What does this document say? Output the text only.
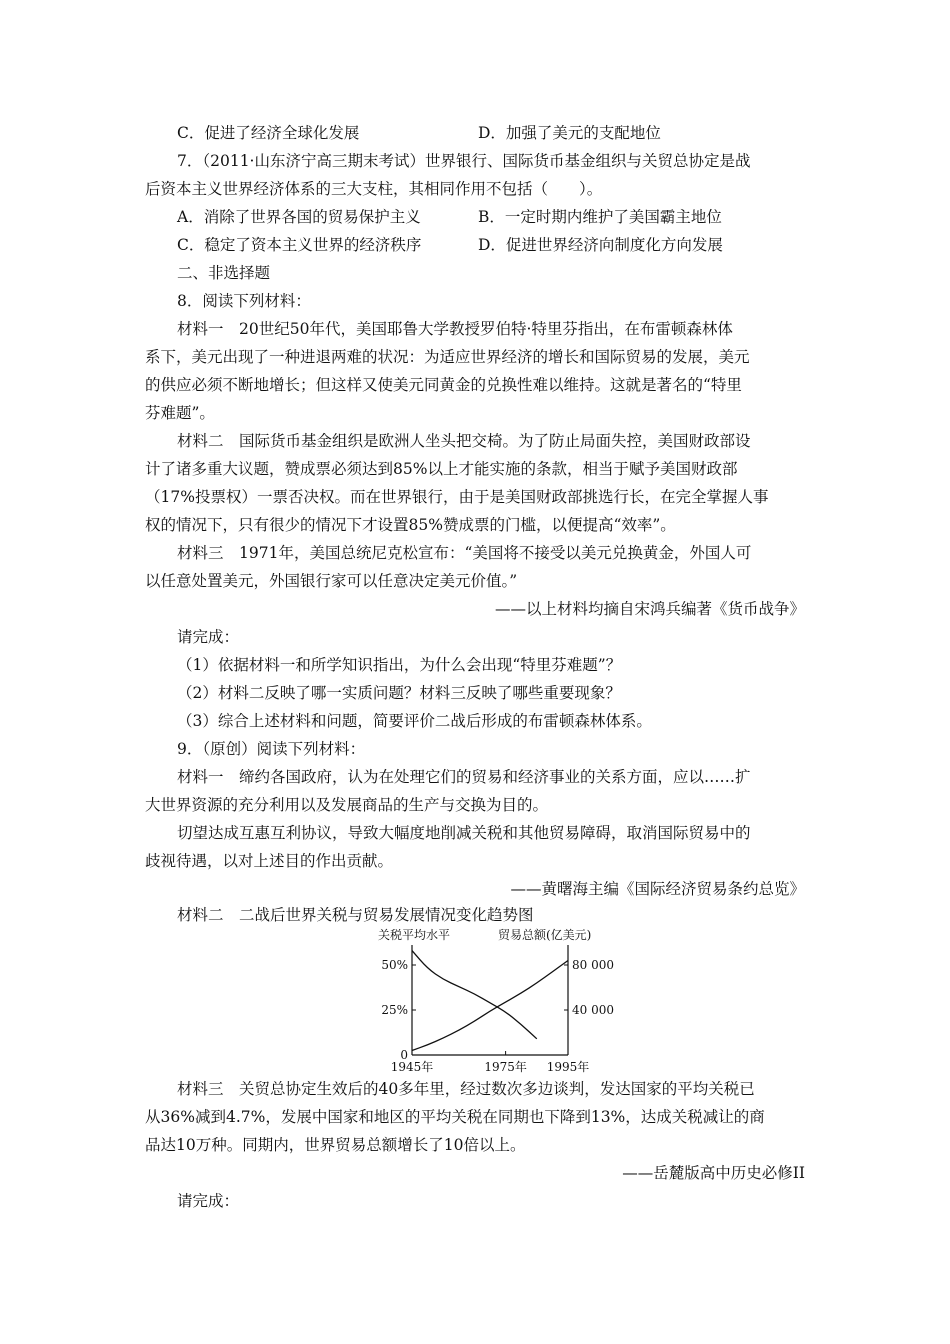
C．促进了经济全球化发展	D．加强了美元的支配地位
7．（2011·山东济宁高三期末考试）世界银行、国际货币基金组织与关贸总协定是战
后资本主义世界经济体系的三大支柱，其相同作用不包括（　　）。
A．消除了世界各国的贸易保护主义	B．一定时期内维护了美国霸主地位
C．稳定了资本主义世界的经济秩序	D．促进世界经济向制度化方向发展
二、非选择题
8．阅读下列材料：
材料一　20世纪50年代，美国耶鲁大学教授罗伯特·特里芬指出，在布雷顿森林体
系下，美元出现了一种进退两难的状况：为适应世界经济的增长和国际贸易的发展，美元
的供应必须不断地增长；但这样又使美元同黄金的兑换性难以维持。这就是著名的“特里
芬难题”。
材料二　国际货币基金组织是欧洲人坐头把交椅。为了防止局面失控，美国财政部设
计了诸多重大议题，赞成票必须达到85%以上才能实施的条款，相当于赋予美国财政部
（17%投票权）一票否决权。而在世界银行，由于是美国财政部挑选行长，在完全掌握人事
权的情况下，只有很少的情况下才设置85%赞成票的门槛，以便提高“效率”。
材料三　1971年，美国总统尼克松宣布：“美国将不接受以美元兑换黄金，外国人可
以任意处置美元，外国银行家可以任意决定美元价值。”
——以上材料均摘自宋鸿兵编著《货币战争》
请完成：
（1）依据材料一和所学知识指出，为什么会出现“特里芬难题”？
（2）材料二反映了哪一实质问题？材料三反映了哪些重要现象？
（3）综合上述材料和问题，简要评价二战后形成的布雷顿森林体系。
9．（原创）阅读下列材料：
材料一　缔约各国政府，认为在处理它们的贸易和经济事业的关系方面，应以……扩
大世界资源的充分利用以及发展商品的生产与交换为目的。
切望达成互惠互利协议，导致大幅度地削减关税和其他贸易障碍，取消国际贸易中的
歧视待遇，以对上述目的作出贡献。
——黄曙海主编《国际经济贸易条约总览》
材料二　二战后世界关税与贸易发展情况变化趋势图
关税平均水平	贸易总额(亿美元)
0
25%
50%
40 000
80 000
1945年	1975年 1995年
材料三　关贸总协定生效后的40多年里，经过数次多边谈判，发达国家的平均关税已
从36%减到4.7%，发展中国家和地区的平均关税在同期也下降到13%，达成关税减让的商
品达10万种。同期内，世界贸易总额增长了10倍以上。
——岳麓版高中历史必修II
请完成：
